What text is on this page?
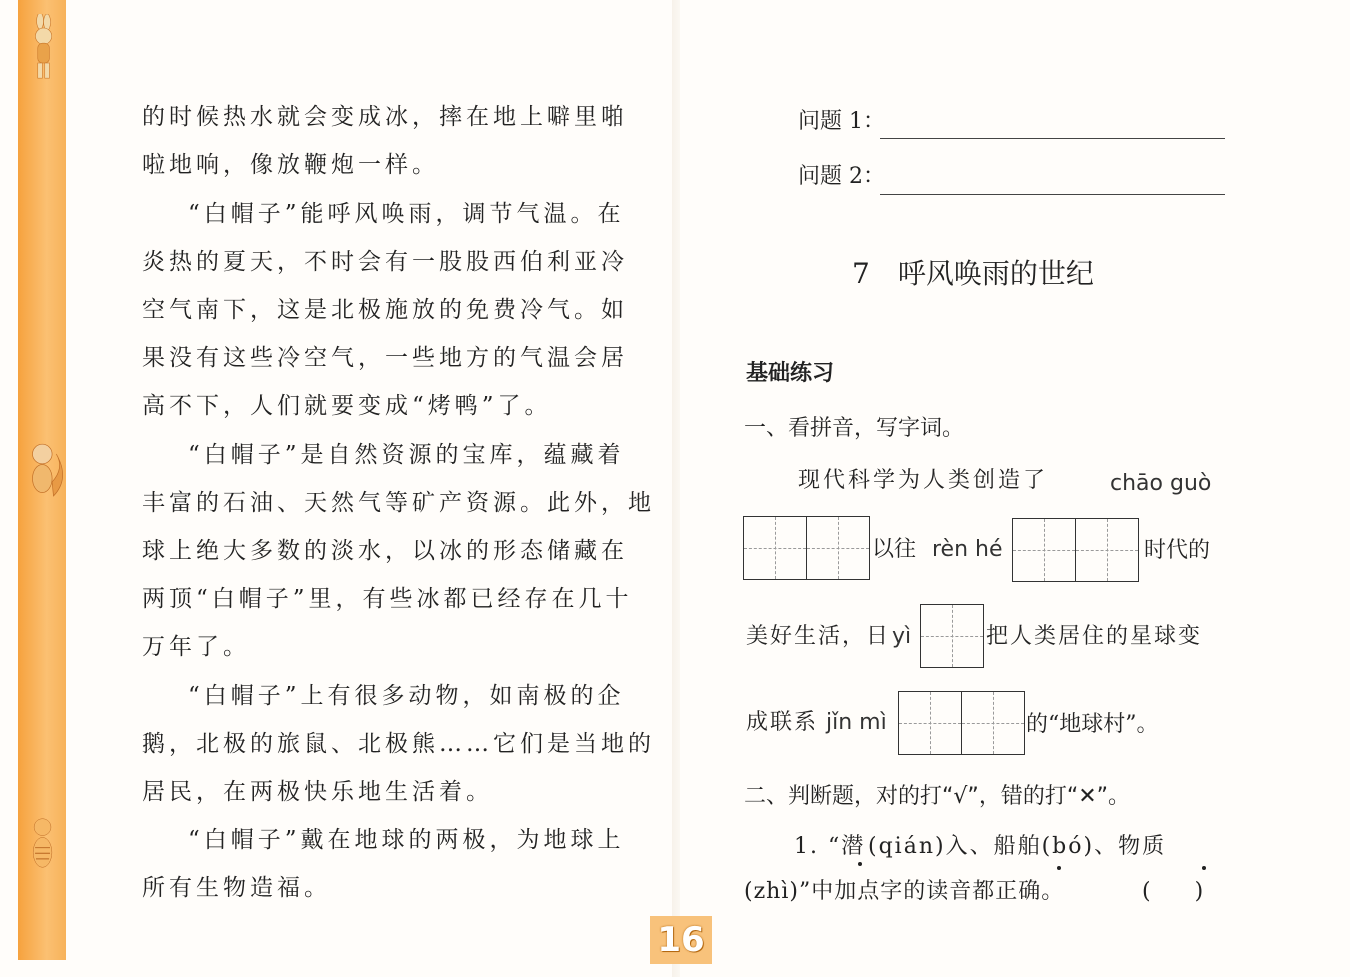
的时候热水就会变成冰，摔在地上噼里啪
啦地响，像放鞭炮一样。
“白帽子”能呼风唤雨，调节气温。在
炎热的夏天，不时会有一股股西伯利亚冷
空气南下，这是北极施放的免费冷气。如
果没有这些冷空气，一些地方的气温会居
高不下，人们就要变成“烤鸭”了。
“白帽子”是自然资源的宝库，蕴藏着
丰富的石油、天然气等矿产资源。此外，地
球上绝大多数的淡水，以冰的形态储藏在
两顶“白帽子”里，有些冰都已经存在几十
万年了。
“白帽子”上有很多动物，如南极的企
鹅，北极的旅鼠、北极熊……它们是当地的
居民，在两极快乐地生活着。
“白帽子”戴在地球的两极，为地球上
所有生物造福。
问题 1：
问题 2：
7　呼风唤雨的世纪
基础练习
一、看拼音，写字词。
现代科学为人类创造了	chāo guò
以往 rèn hé	时代的
美好生活，日 yì	把人类居住的星球变
成联系 jǐn mì	的“地球村”。
二、判断题，对的打“√”，错的打“✕”。
1. “潜 (qián)入、船舶(bó)、物质
(zhì)”中加点字的读音都正确。	(　　)
16
